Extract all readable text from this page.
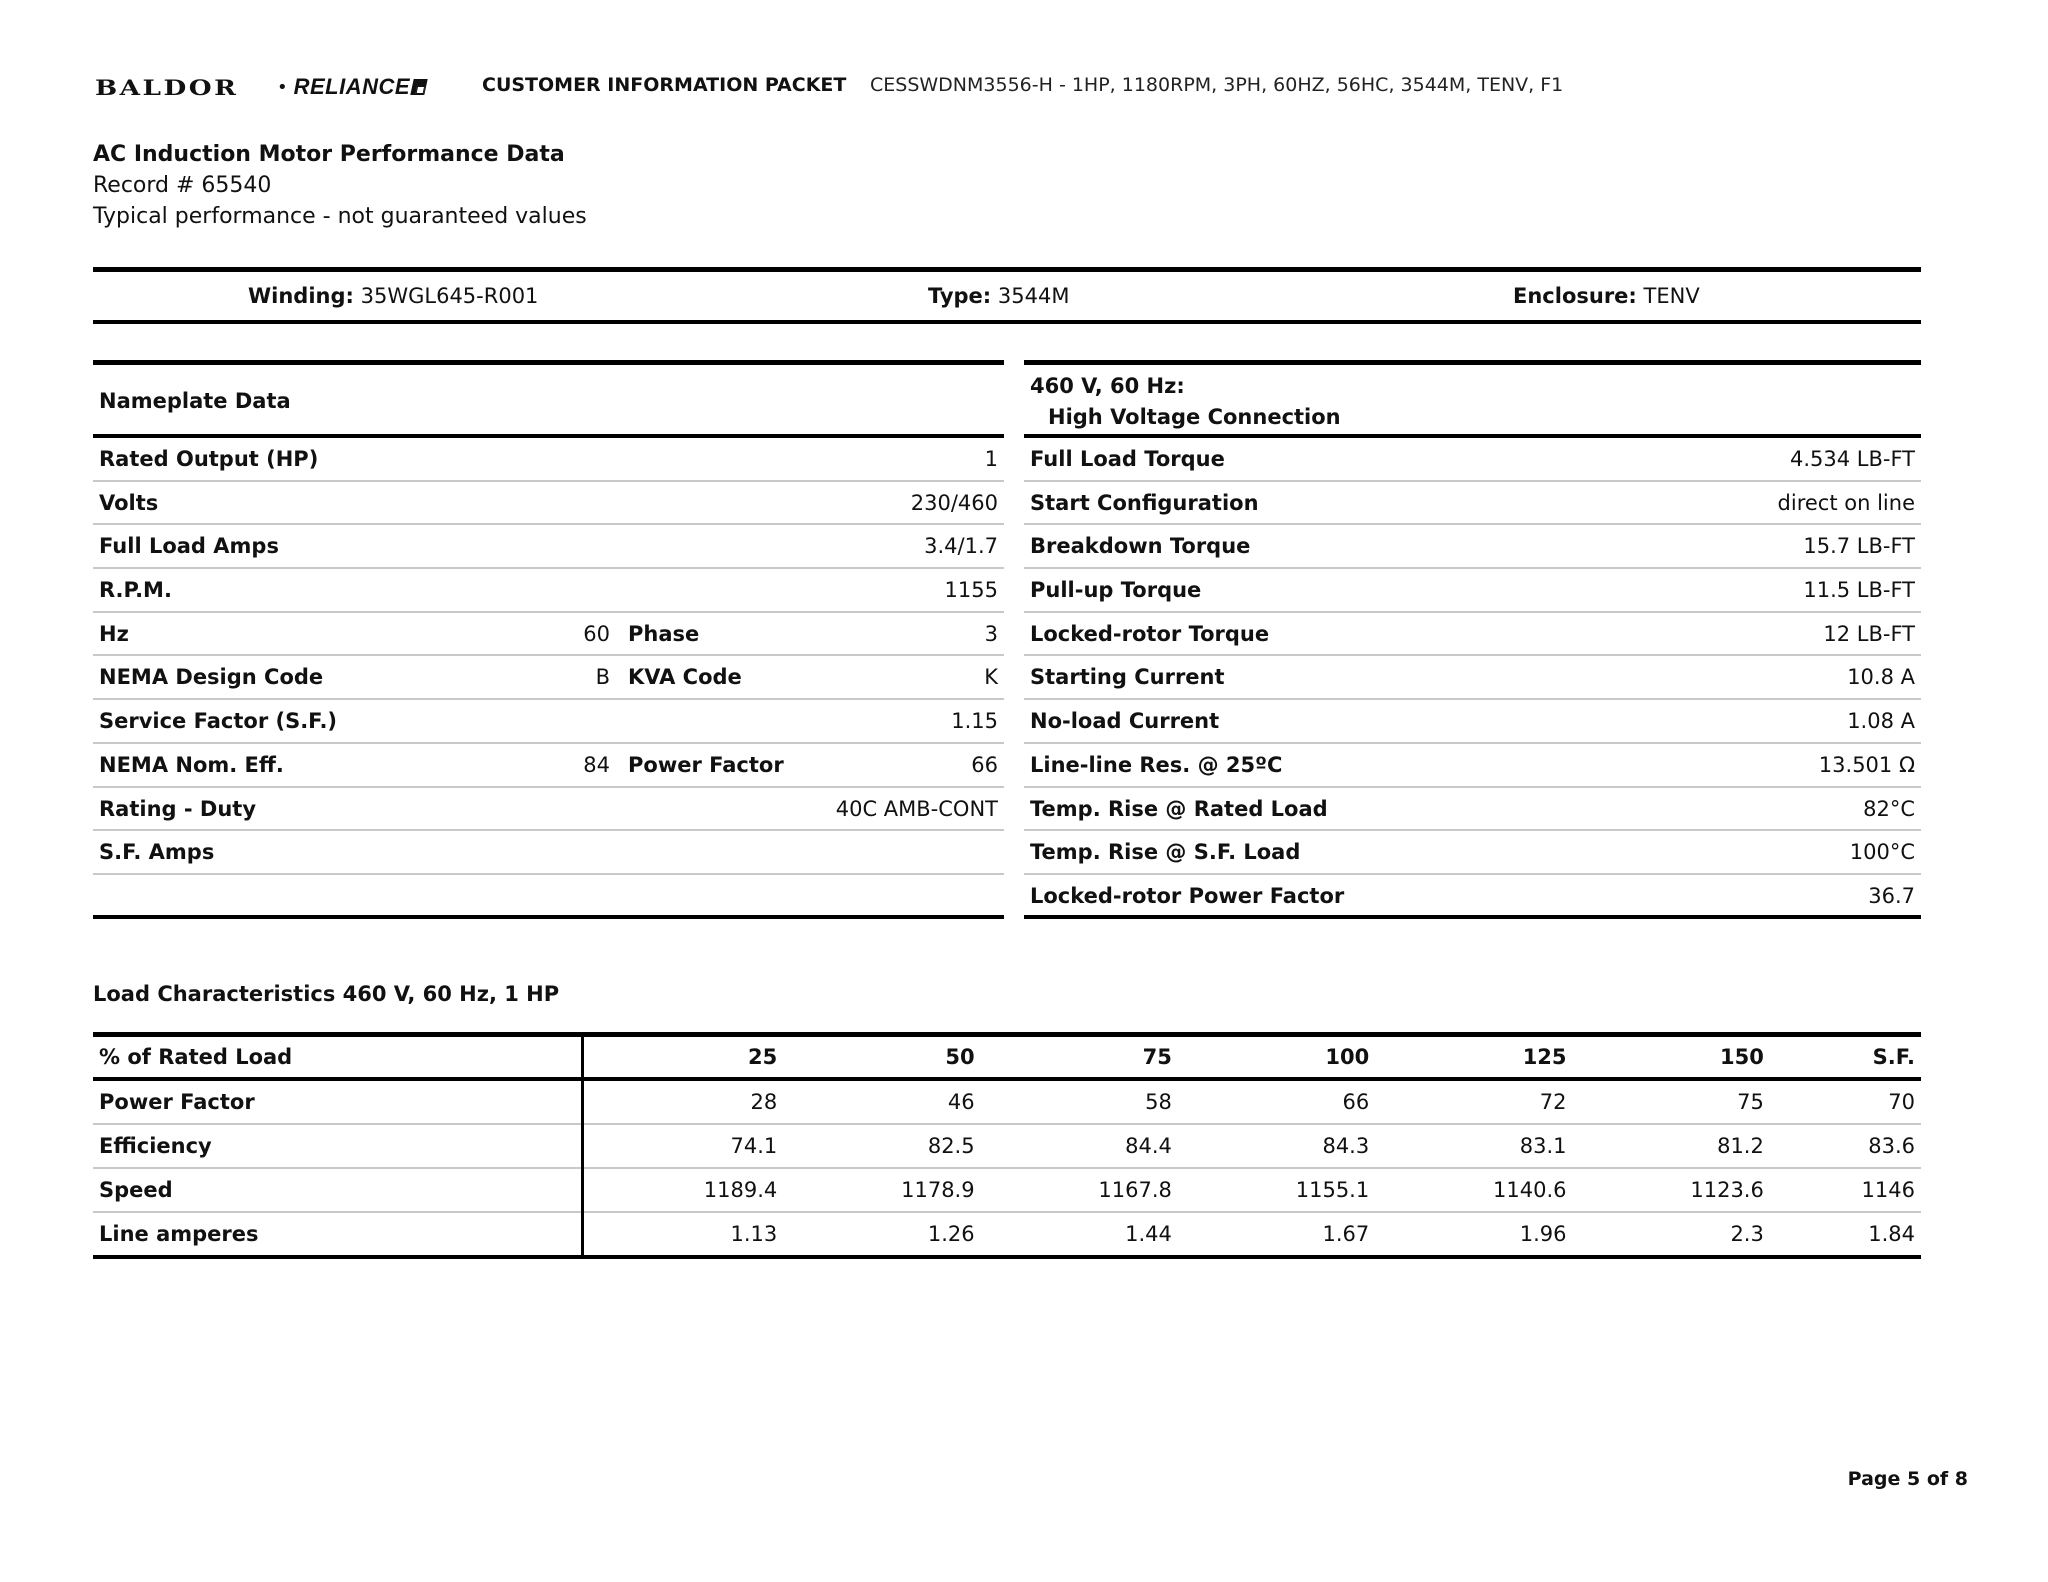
BALDOR	• RELIANCE	CUSTOMER INFORMATION PACKET CESSWDNM3556-H - 1HP, 1180RPM, 3PH, 60HZ, 56HC, 3544M, TENV, F1
AC Induction Motor Performance Data
Record # 65540
Typical performance - not guaranteed values
Winding: 35WGL645-R001	Type: 3544M	Enclosure: TENV
Nameplate Data
Rated Output (HP)	1
Volts	230/460
Full Load Amps	3.4/1.7
R.P.M.	1155
Hz	60 Phase	3
NEMA Design Code	B KVA Code	K
Service Factor (S.F.)	1.15
NEMA Nom. Eff.	84 Power Factor	66
Rating - Duty	40C AMB-CONT
S.F. Amps
460 V, 60 Hz:
High Voltage Connection
Full Load Torque	4.534 LB-FT
Start Configuration	direct on line
Breakdown Torque	15.7 LB-FT
Pull-up Torque	11.5 LB-FT
Locked-rotor Torque	12 LB-FT
Starting Current	10.8 A
No-load Current	1.08 A
Line-line Res. @ 25ºC	13.501 Ω
Temp. Rise @ Rated Load	82°C
Temp. Rise @ S.F. Load	100°C
Locked-rotor Power Factor	36.7
Load Characteristics 460 V, 60 Hz, 1 HP
% of Rated Load	25	50	75	100	125	150	S.F.
Power Factor	28	46	58	66	72	75	70
Efficiency	74.1	82.5	84.4	84.3	83.1	81.2	83.6
Speed	1189.4	1178.9	1167.8	1155.1	1140.6	1123.6	1146
Line amperes	1.13	1.26	1.44	1.67	1.96	2.3	1.84
Page 5 of 8
